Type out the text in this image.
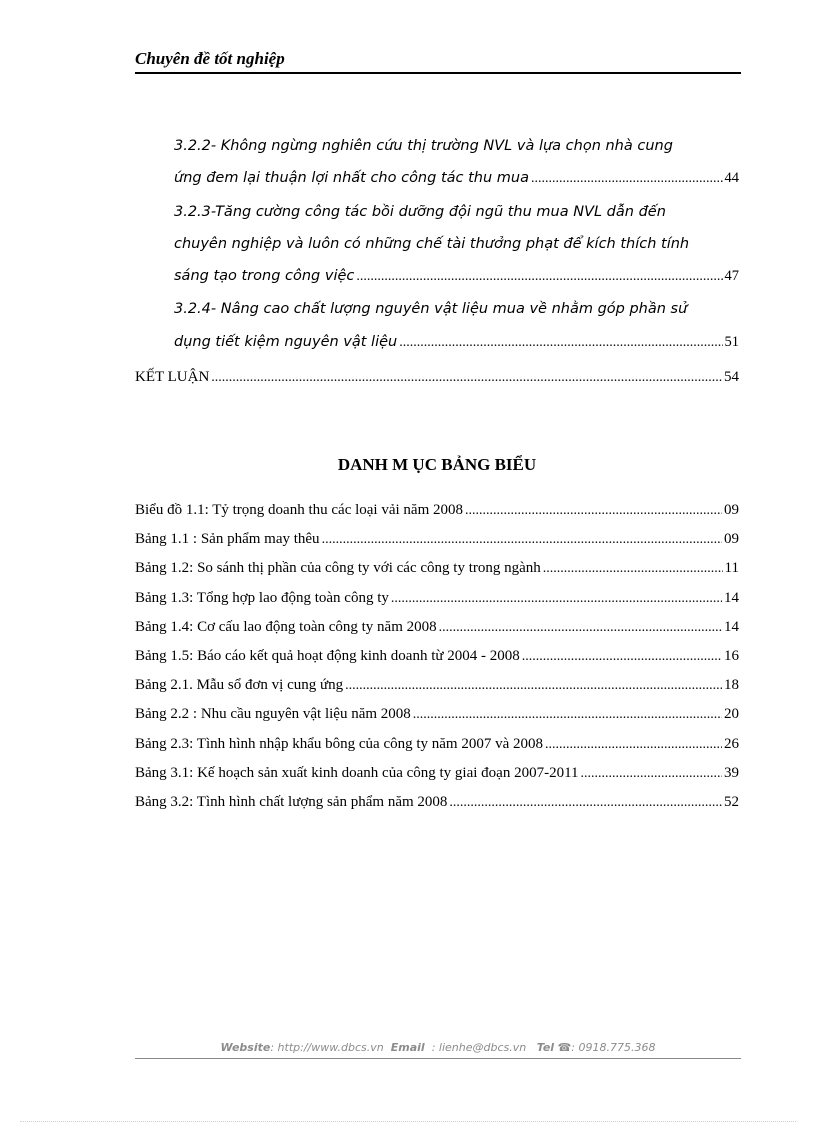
Chuyên đề tốt nghiệp
3.2.2- Không ngừng nghiên cứu thị trường NVL và lựa chọn nhà cung
ứng đem lại thuận lợi nhất cho công tác thu mua .....	44
3.2.3-Tăng cường công tác bồi dưỡng đội ngũ thu mua NVL dẫn đến
chuyên nghiệp và luôn có những chế tài thưởng phạt để kích thích tính
sáng tạo trong công việc .....	47
3.2.4- Nâng cao chất lượng nguyên vật liệu mua về nhằm góp phần sử
dụng tiết kiệm nguyên vật liệu .....	51
KẾT LUẬN .....	54
DANH M ỤC BẢNG BIỂU
Biểu đồ 1.1: Tỷ trọng doanh thu các loại vải năm 2008 .....	09
Bảng 1.1 : Sản phẩm may thêu .....	09
Bảng 1.2: So sánh thị phần của công ty với các công ty trong ngành .....	11
Bảng 1.3: Tổng hợp lao động toàn công ty .....	14
Bảng 1.4: Cơ cấu lao động toàn công ty năm 2008 .....	14
Bảng 1.5: Báo cáo kết quả hoạt động kinh doanh từ 2004 - 2008 .....	16
Bảng 2.1. Mẫu sổ đơn vị cung ứng .....	18
Bảng 2.2 : Nhu cầu nguyên vật liệu năm 2008 .....	20
Bảng 2.3: Tình hình nhập khẩu bông của công ty năm 2007 và 2008 .....	26
Bảng 3.1: Kế hoạch sản xuất kinh doanh của công ty giai đoạn 2007-2011 .....	39
Bảng 3.2: Tình hình chất lượng sản phẩm năm 2008 .....	52
Website: http://www.dbcs.vn Email : lienhe@dbcs.vn Tel ☎: 0918.775.368
